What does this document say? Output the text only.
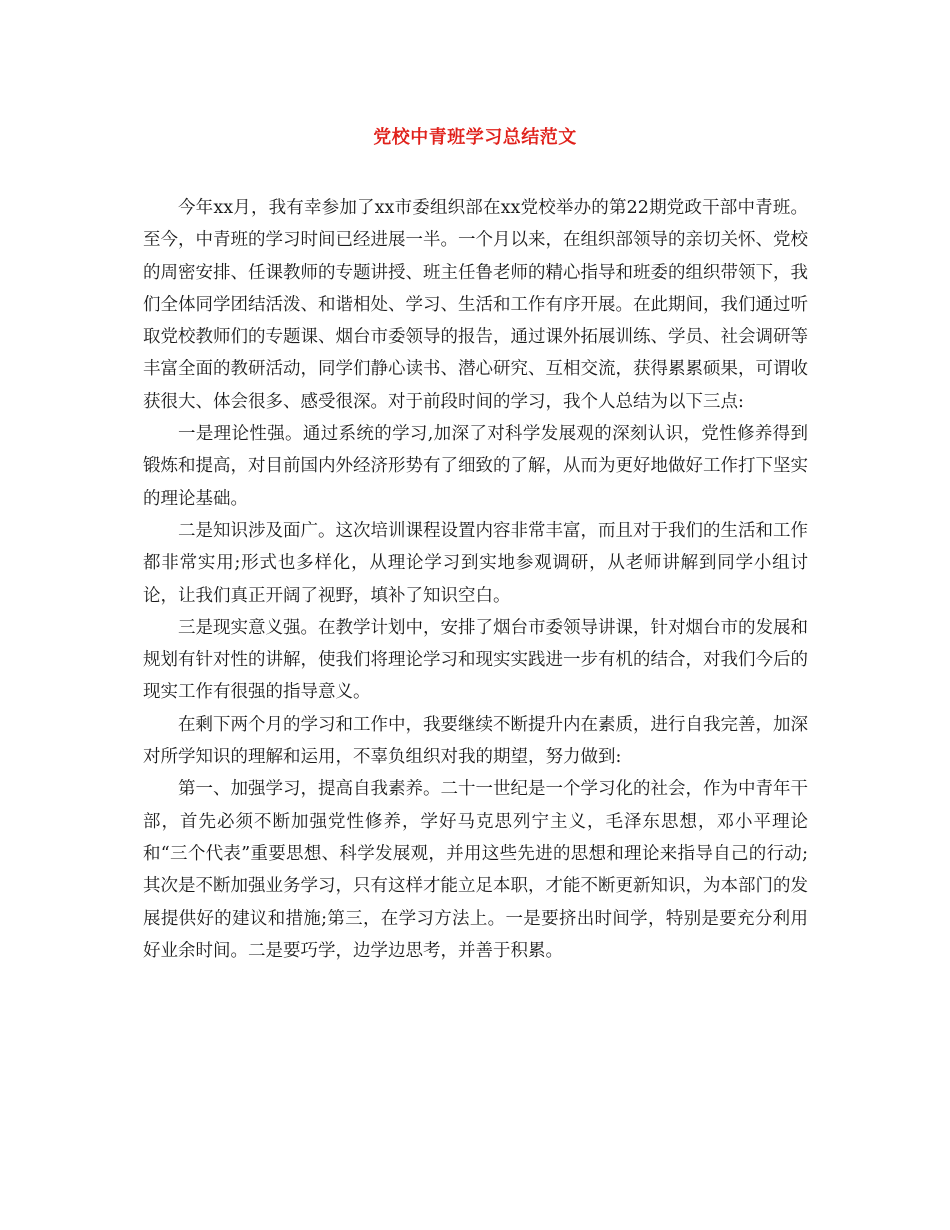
党校中青班学习总结范文

今年xx月，我有幸参加了xx市委组织部在xx党校举办的第22期党政干部中青班。至今，中青班的学习时间已经进展一半。一个月以来，在组织部领导的亲切关怀、党校的周密安排、任课教师的专题讲授、班主任鲁老师的精心指导和班委的组织带领下，我们全体同学团结活泼、和谐相处、学习、生活和工作有序开展。在此期间，我们通过听取党校教师们的专题课、烟台市委领导的报告，通过课外拓展训练、学员、社会调研等丰富全面的教研活动，同学们静心读书、潜心研究、互相交流，获得累累硕果，可谓收获很大、体会很多、感受很深。对于前段时间的学习，我个人总结为以下三点:

一是理论性强。通过系统的学习,加深了对科学发展观的深刻认识，党性修养得到锻炼和提高，对目前国内外经济形势有了细致的了解，从而为更好地做好工作打下坚实的理论基础。

二是知识涉及面广。这次培训课程设置内容非常丰富，而且对于我们的生活和工作都非常实用;形式也多样化，从理论学习到实地参观调研，从老师讲解到同学小组讨论，让我们真正开阔了视野，填补了知识空白。

三是现实意义强。在教学计划中，安排了烟台市委领导讲课，针对烟台市的发展和规划有针对性的讲解，使我们将理论学习和现实实践进一步有机的结合，对我们今后的现实工作有很强的指导意义。

在剩下两个月的学习和工作中，我要继续不断提升内在素质，进行自我完善，加深对所学知识的理解和运用，不辜负组织对我的期望，努力做到:

第一、加强学习，提高自我素养。二十一世纪是一个学习化的社会，作为中青年干部，首先必须不断加强党性修养，学好马克思列宁主义，毛泽东思想，邓小平理论和“三个代表”重要思想、科学发展观，并用这些先进的思想和理论来指导自己的行动;其次是不断加强业务学习，只有这样才能立足本职，才能不断更新知识，为本部门的发展提供好的建议和措施;第三，在学习方法上。一是要挤出时间学，特别是要充分利用好业余时间。二是要巧学，边学边思考，并善于积累。
